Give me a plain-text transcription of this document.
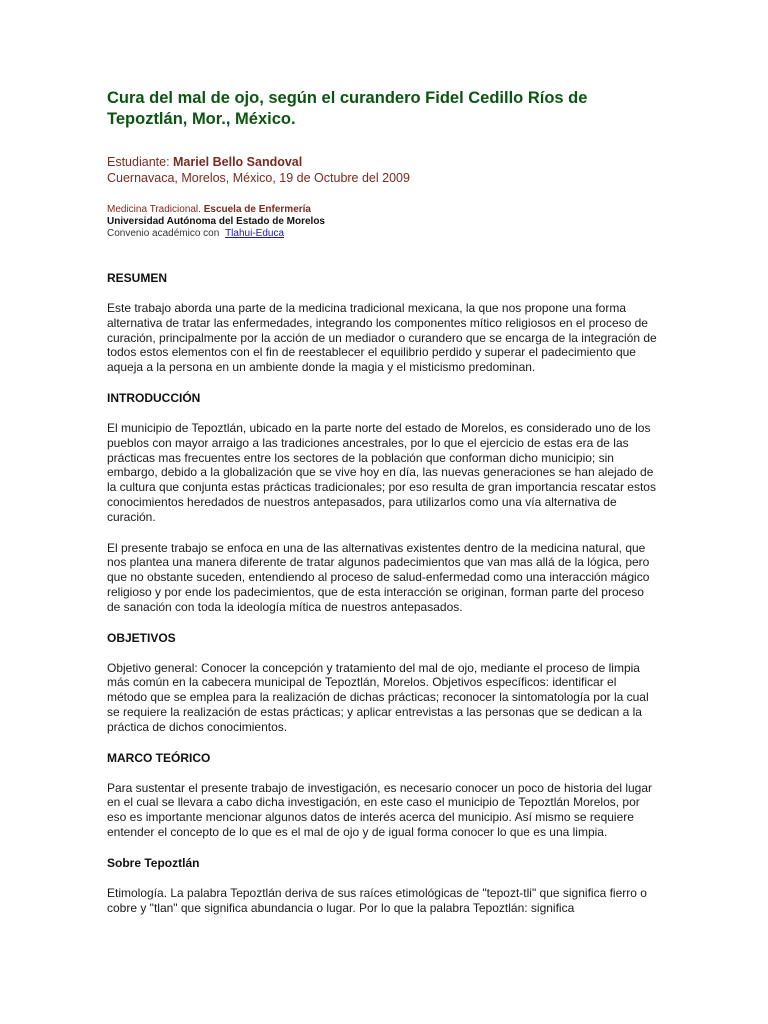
Cura del mal de ojo, según el curandero Fidel Cedillo Ríos de Tepoztlán, Mor., México.
Estudiante: Mariel Bello Sandoval
Cuernavaca, Morelos, México, 19 de Octubre del 2009
Medicina Tradicional. Escuela de Enfermería
Universidad Autónoma del Estado de Morelos
Convenio académico con Tlahui-Educa
RESUMEN

Este trabajo aborda una parte de la medicina tradicional mexicana, la que nos propone una forma alternativa de tratar las enfermedades, integrando los componentes mítico religiosos en el proceso de curación, principalmente por la acción de un mediador o curandero que se encarga de la integración de todos estos elementos con el fin de reestablecer el equilibrio perdido y superar el padecimiento que aqueja a la persona en un ambiente donde la magia y el misticismo predominan.

INTRODUCCIÓN

El municipio de Tepoztlán, ubicado en la parte norte del estado de Morelos, es considerado uno de los pueblos con mayor arraigo a las tradiciones ancestrales, por lo que el ejercicio de estas era de las prácticas mas frecuentes entre los sectores de la población que conforman dicho municipio; sin embargo, debido a la globalización que se vive hoy en día, las nuevas generaciones se han alejado de la cultura que conjunta estas prácticas tradicionales; por eso resulta de gran importancia rescatar estos conocimientos heredados de nuestros antepasados, para utilizarlos como una vía alternativa de curación.

El presente trabajo se enfoca en una de las alternativas existentes dentro de la medicina natural, que nos plantea una manera diferente de tratar algunos padecimientos que van mas allá de la lógica, pero que no obstante suceden, entendiendo al proceso de salud-enfermedad como una interacción mágico religioso y por ende los padecimientos, que de esta interacción se originan, forman parte del proceso de sanación con toda la ideología mítica de nuestros antepasados.

OBJETIVOS

Objetivo general: Conocer la concepción y tratamiento del mal de ojo, mediante el proceso de limpia más común en la cabecera municipal de Tepoztlán, Morelos. Objetivos específicos: identificar el método que se emplea para la realización de dichas prácticas; reconocer la sintomatología por la cual se requiere la realización de estas prácticas; y aplicar entrevistas a las personas que se dedican a la práctica de dichos conocimientos.

MARCO TEÓRICO

Para sustentar el presente trabajo de investigación, es necesario conocer un poco de historia del lugar en el cual se llevara a cabo dicha investigación, en este caso el municipio de Tepoztlán Morelos, por eso es importante mencionar algunos datos de interés acerca del municipio. Así mismo se requiere entender el concepto de lo que es el mal de ojo y de igual forma conocer lo que es una limpia.

Sobre Tepoztlán

Etimología. La palabra Tepoztlán deriva de sus raíces etimológicas de "tepozt-tli" que significa fierro o cobre y "tlan" que significa abundancia o lugar. Por lo que la palabra Tepoztlán: significa
